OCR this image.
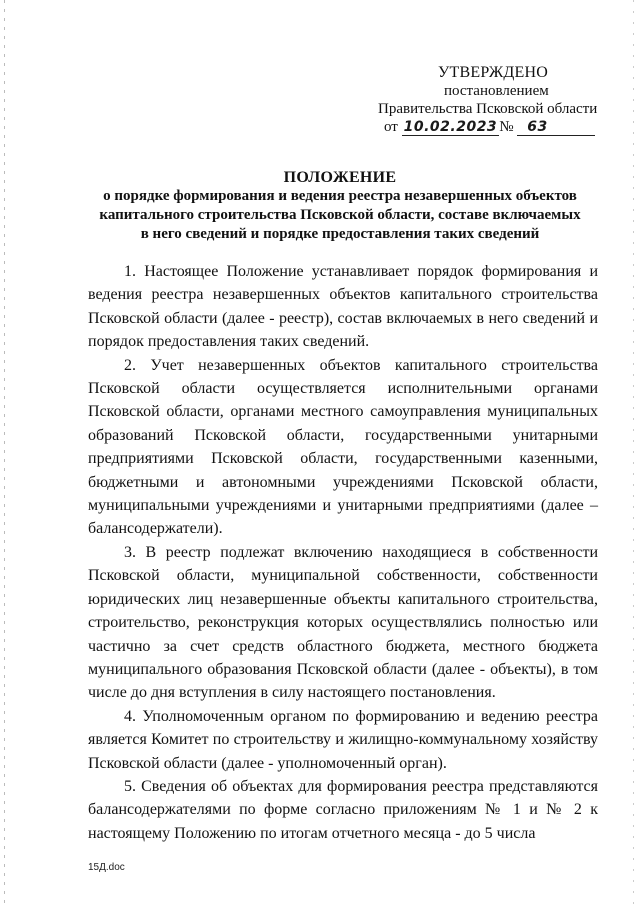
УТВЕРЖДЕНО
постановлением
Правительства Псковской области
от 10.02.2023 № 63
ПОЛОЖЕНИЕ
о порядке формирования и ведения реестра незавершенных объектов
капитального строительства Псковской области, составе включаемых
в него сведений и порядке предоставления таких сведений

1. Настоящее Положение устанавливает порядок формирования и ведения реестра незавершенных объектов капитального строительства Псковской области (далее - реестр), состав включаемых в него сведений и порядок предоставления таких сведений.

2. Учет незавершенных объектов капитального строительства Псковской области осуществляется исполнительными органами Псковской области, органами местного самоуправления муниципальных образований Псковской области, государственными унитарными предприятиями Псковской области, государственными казенными, бюджетными и автономными учреждениями Псковской области, муниципальными учреждениями и унитарными предприятиями (далее – балансодержатели).

3. В реестр подлежат включению находящиеся в собственности Псковской области, муниципальной собственности, собственности юридических лиц незавершенные объекты капитального строительства, строительство, реконструкция которых осуществлялись полностью или частично за счет средств областного бюджета, местного бюджета муниципального образования Псковской области (далее - объекты), в том числе до дня вступления в силу настоящего постановления.

4. Уполномоченным органом по формированию и ведению реестра является Комитет по строительству и жилищно-коммунальному хозяйству Псковской области (далее - уполномоченный орган).

5. Сведения об объектах для формирования реестра представляются балансодержателями по форме согласно приложениям № 1 и № 2 к настоящему Положению по итогам отчетного месяца - до 5 числа

15Д.doc
